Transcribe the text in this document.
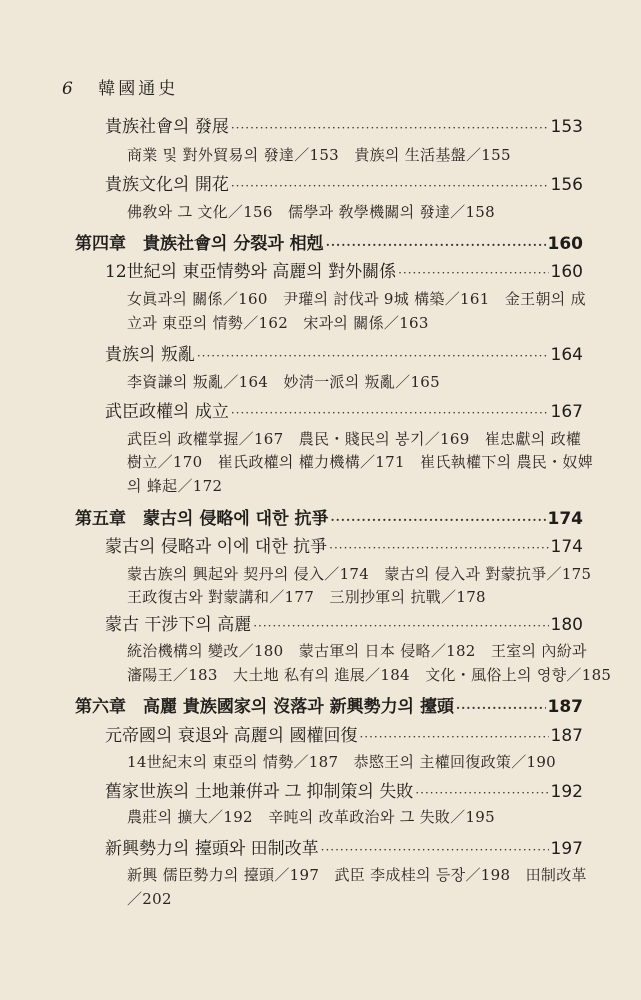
6 韓國通史
貴族社會의 發展 ·····	153
商業 및 對外貿易의 發達／153　貴族의 生活基盤／155
貴族文化의 開花 ·····	156
佛敎와 그 文化／156　儒學과 敎學機關의 發達／158
第四章　貴族社會의 分裂과 相剋 ·····	160
12世紀의 東亞情勢와 高麗의 對外關係 ·····	160
女眞과의 關係／160　尹瓘의 討伐과 9城 構築／161　金王朝의 成
立과 東亞의 情勢／162　宋과의 關係／163
貴族의 叛亂 ·····	164
李資謙의 叛亂／164　妙淸一派의 叛亂／165
武臣政權의 成立 ·····	167
武臣의 政權掌握／167　農民・賤民의 봉기／169　崔忠獻의 政權
樹立／170　崔氏政權의 權力機構／171　崔氏執權下의 農民・奴婢
의 蜂起／172
第五章　蒙古의 侵略에 대한 抗爭 ·····	174
蒙古의 侵略과 이에 대한 抗爭 ·····	174
蒙古族의 興起와 契丹의 侵入／174　蒙古의 侵入과 對蒙抗爭／175
王政復古와 對蒙講和／177　三別抄軍의 抗戰／178
蒙古 干涉下의 高麗 ·····	180
統治機構의 變改／180　蒙古軍의 日本 侵略／182　王室의 內紛과
瀋陽王／183　大土地 私有의 進展／184　文化・風俗上의 영향／185
第六章　高麗 貴族國家의 沒落과 新興勢力의 擡頭 ·····	187
元帝國의 衰退와 高麗의 國權回復 ·····	187
14世紀末의 東亞의 情勢／187　恭愍王의 主權回復政策／190
舊家世族의 土地兼倂과 그 抑制策의 失敗 ·····	192
農莊의 擴大／192　辛旽의 改革政治와 그 失敗／195
新興勢力의 擡頭와 田制改革 ·····	197
新興 儒臣勢力의 擡頭／197　武臣 李成桂의 등장／198　田制改革
／202
